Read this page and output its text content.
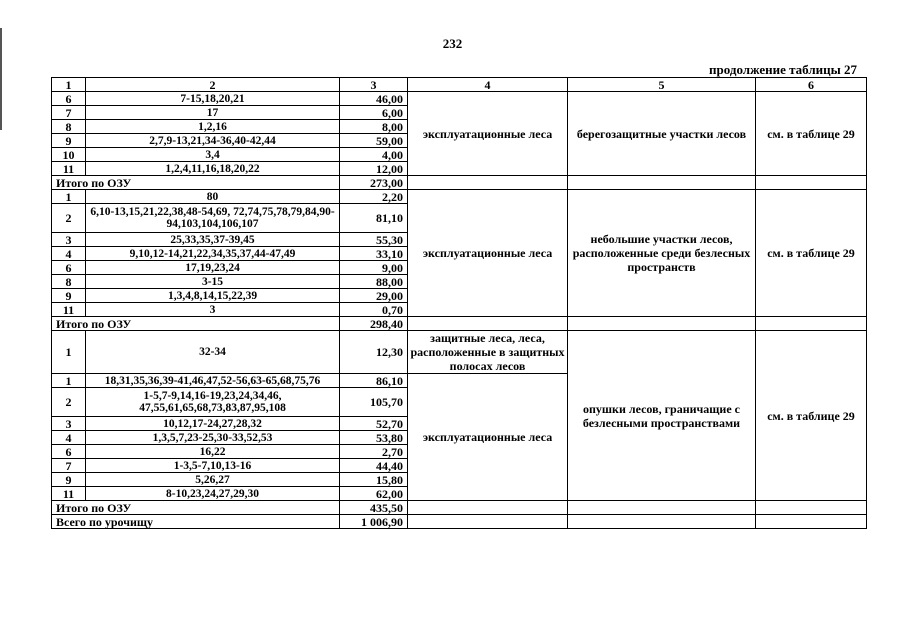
232
продолжение таблицы 27
1	2	3	4	5	6
6	7-15,18,20,21	46,00	эксплуатационные леса	берегозащитные участки лесов	см. в таблице 29
7	17	6,00			
8	1,2,16	8,00			
9	2,7,9-13,21,34-36,40-42,44	59,00			
10	3,4	4,00			
11	1,2,4,11,16,18,20,22	12,00			
Итого по ОЗУ		273,00			
1	80	2,20	эксплуатационные леса	небольшие участки лесов, расположенные среди безлесных пространств	см. в таблице 29
2	6,10-13,15,21,22,38,48-54,69, 72,74,75,78,79,84,90-94,103,104,106,107	81,10			
3	25,33,35,37-39,45	55,30			
4	9,10,12-14,21,22,34,35,37,44-47,49	33,10			
6	17,19,23,24	9,00			
8	3-15	88,00			
9	1,3,4,8,14,15,22,39	29,00			
11	3	0,70			
Итого по ОЗУ		298,40			
1	32-34	12,30	защитные леса, леса, расположенные в защитных полосах лесов	опушки лесов, граничащие с безлесными пространствами	см. в таблице 29
1	18,31,35,36,39-41,46,47,52-56,63-65,68,75,76	86,10	эксплуатационные леса		
2	1-5,7-9,14,16-19,23,24,34,46, 47,55,61,65,68,73,83,87,95,108	105,70			
3	10,12,17-24,27,28,32	52,70			
4	1,3,5,7,23-25,30-33,52,53	53,80			
6	16,22	2,70			
7	1-3,5-7,10,13-16	44,40			
9	5,26,27	15,80			
11	8-10,23,24,27,29,30	62,00			
Итого по ОЗУ		435,50			
Всего по урочищу		1 006,90			
